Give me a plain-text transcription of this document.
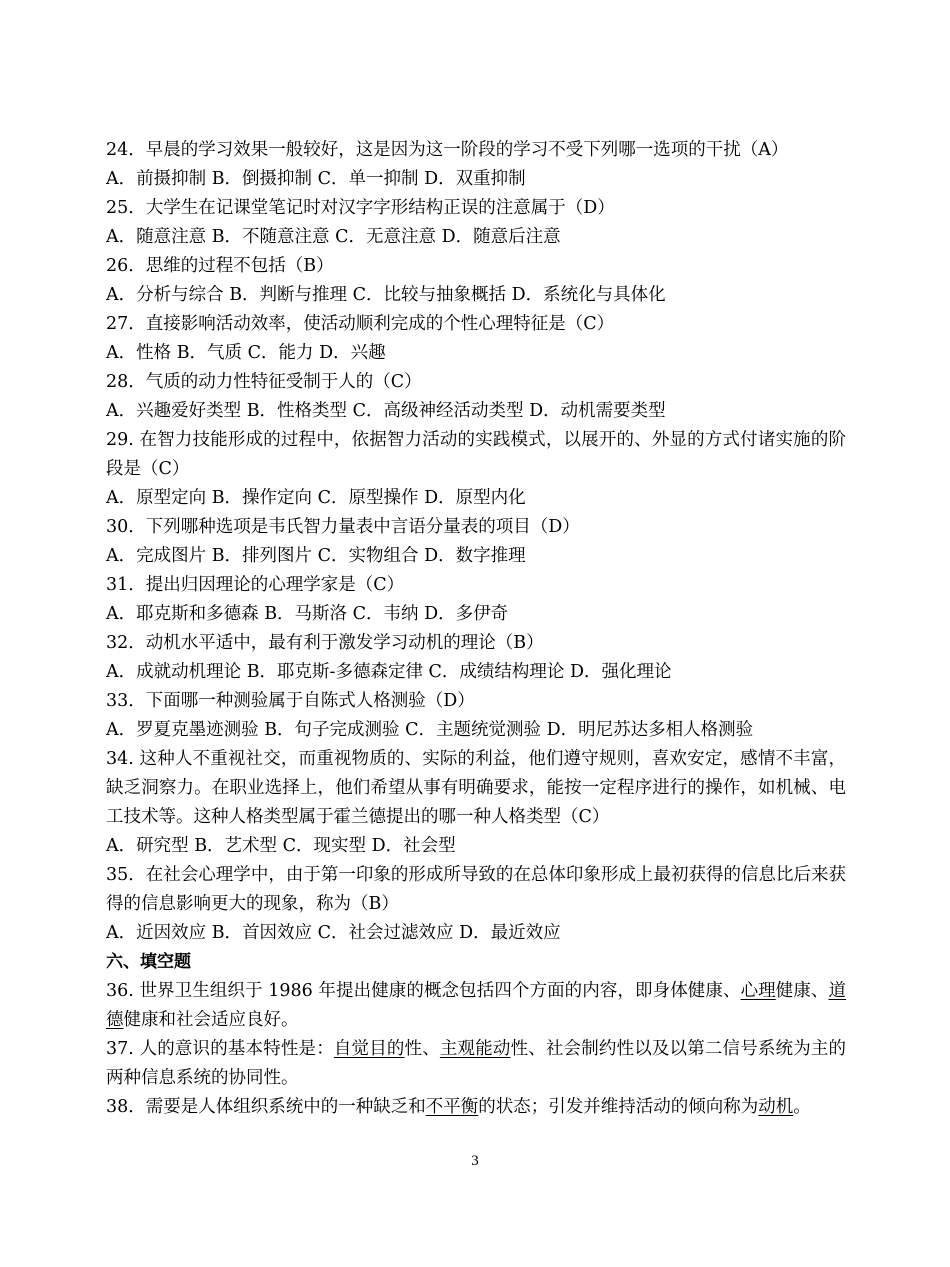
24．早晨的学习效果一般较好，这是因为这一阶段的学习不受下列哪一选项的干扰（A）

A．前摄抑制 B．倒摄抑制 C．单一抑制 D．双重抑制

25．大学生在记课堂笔记时对汉字字形结构正误的注意属于（D）

A．随意注意 B．不随意注意 C．无意注意 D．随意后注意

26．思维的过程不包括（B）

A．分析与综合 B．判断与推理 C．比较与抽象概括 D．系统化与具体化

27．直接影响活动效率，使活动顺利完成的个性心理特征是（C）

A．性格 B．气质 C．能力 D．兴趣

28．气质的动力性特征受制于人的（C）

A．兴趣爱好类型 B．性格类型 C．高级神经活动类型 D．动机需要类型

29. 在智力技能形成的过程中，依据智力活动的实践模式，以展开的、外显的方式付诸实施的阶段是（C）

A．原型定向 B．操作定向 C．原型操作 D．原型内化

30．下列哪种选项是韦氏智力量表中言语分量表的项目（D）

A．完成图片 B．排列图片 C．实物组合 D．数字推理

31．提出归因理论的心理学家是（C）

A．耶克斯和多德森 B．马斯洛 C．韦纳 D．多伊奇

32．动机水平适中，最有利于激发学习动机的理论（B）

A．成就动机理论 B．耶克斯-多德森定律 C．成绩结构理论 D．强化理论

33．下面哪一种测验属于自陈式人格测验（D）

A．罗夏克墨迹测验 B．句子完成测验 C．主题统觉测验 D．明尼苏达多相人格测验

34. 这种人不重视社交，而重视物质的、实际的利益，他们遵守规则，喜欢安定，感情不丰富，缺乏洞察力。在职业选择上，他们希望从事有明确要求，能按一定程序进行的操作，如机械、电工技术等。这种人格类型属于霍兰德提出的哪一种人格类型（C）

A．研究型 B．艺术型 C．现实型 D．社会型

35．在社会心理学中，由于第一印象的形成所导致的在总体印象形成上最初获得的信息比后来获得的信息影响更大的现象，称为（B）

A．近因效应 B．首因效应 C．社会过滤效应 D．最近效应

六、填空题

36. 世界卫生组织于 1986 年提出健康的概念包括四个方面的内容，即身体健康、心理健康、道德健康和社会适应良好。

37. 人的意识的基本特性是：自觉目的性、主观能动性、社会制约性以及以第二信号系统为主的两种信息系统的协同性。

38．需要是人体组织系统中的一种缺乏和不平衡的状态；引发并维持活动的倾向称为动机。

3
